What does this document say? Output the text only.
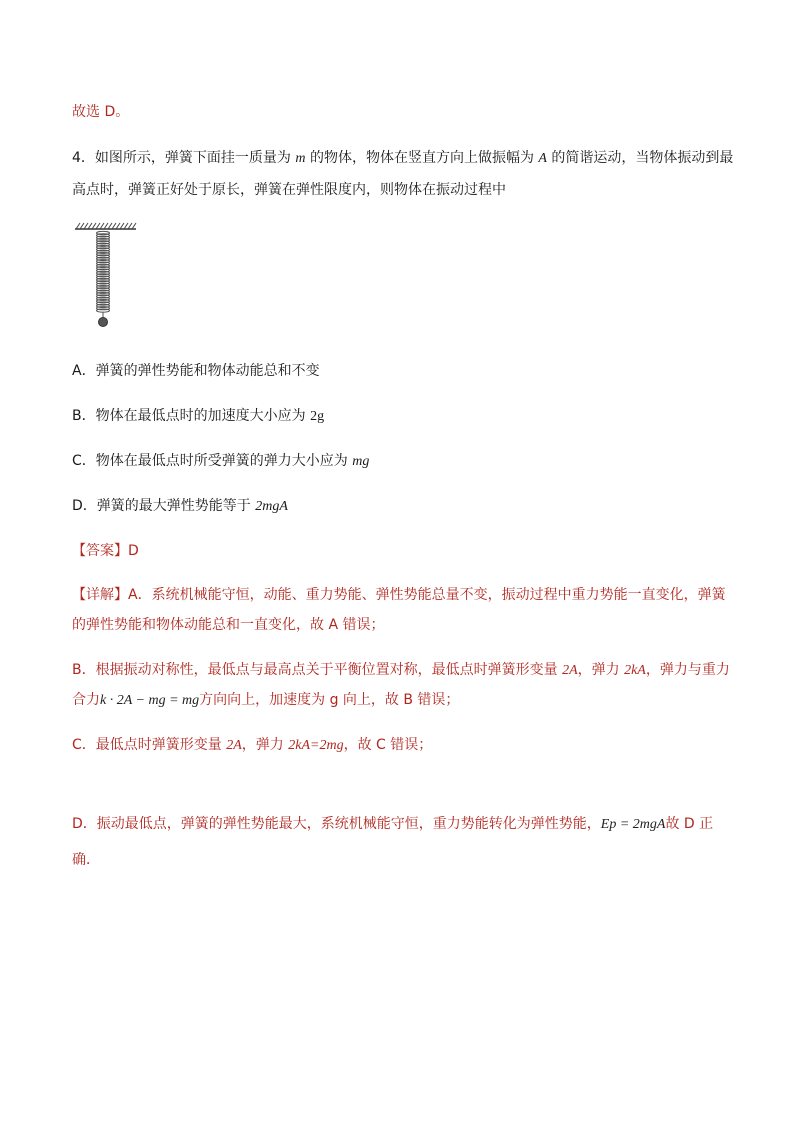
故选 D。
4．如图所示，弹簧下面挂一质量为 m 的物体，物体在竖直方向上做振幅为 A 的简谐运动，当物体振动到最
高点时，弹簧正好处于原长，弹簧在弹性限度内，则物体在振动过程中
A．弹簧的弹性势能和物体动能总和不变
B．物体在最低点时的加速度大小应为 2g
C．物体在最低点时所受弹簧的弹力大小应为 mg
D．弹簧的最大弹性势能等于 2mgA
【答案】D
【详解】A．系统机械能守恒，动能、重力势能、弹性势能总量不变，振动过程中重力势能一直变化，弹簧
的弹性势能和物体动能总和一直变化，故 A 错误；
B．根据振动对称性，最低点与最高点关于平衡位置对称，最低点时弹簧形变量 2A，弹力 2kA，弹力与重力
合力k · 2A − mg = mg方向向上，加速度为 g 向上，故 B 错误；
C．最低点时弹簧形变量 2A，弹力 2kA=2mg，故 C 错误；
D．振动最低点，弹簧的弹性势能最大，系统机械能守恒，重力势能转化为弹性势能，Ep = 2mgA故 D 正
确．
